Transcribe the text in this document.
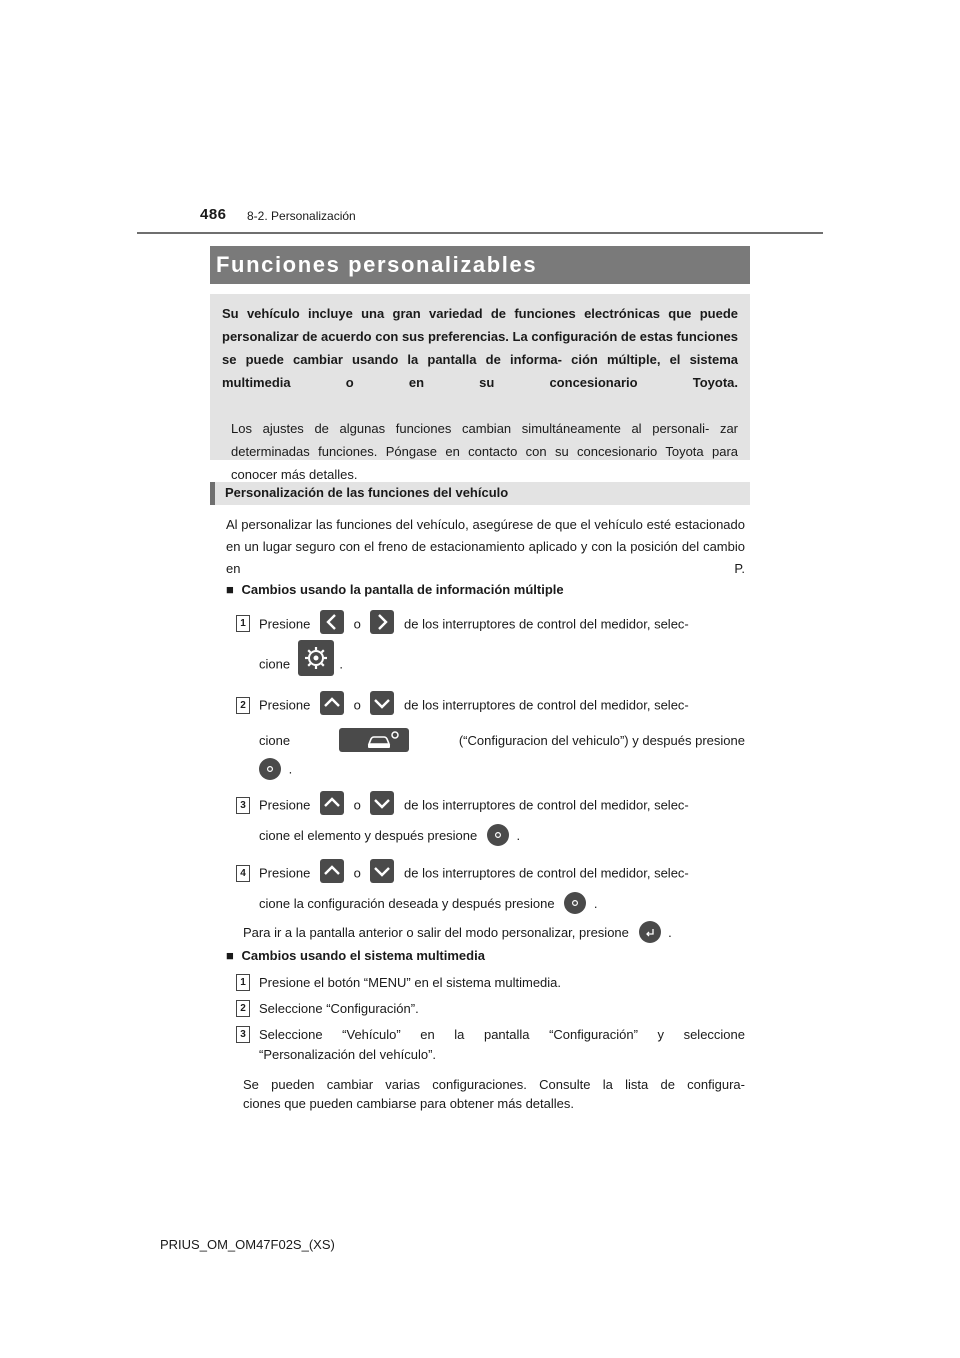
486 8-2. Personalización
Funciones personalizables
Su vehículo incluye una gran variedad de funciones electrónicas que puede personalizar de acuerdo con sus preferencias. La configuración de estas funciones se puede cambiar usando la pantalla de informa- ción múltiple, el sistema multimedia o en su concesionario Toyota.
Los ajustes de algunas funciones cambian simultáneamente al personali- zar determinadas funciones. Póngase en contacto con su concesionario Toyota para conocer más detalles.
Personalización de las funciones del vehículo
Al personalizar las funciones del vehículo, asegúrese de que el vehículo esté estacionado en un lugar seguro con el freno de estacionamiento aplicado y con la posición del cambio en P.
■ Cambios usando la pantalla de información múltiple
1	Presione	o	de los interruptores de control del medidor, selec-
cione	.
2	Presione	o	de los interruptores de control del medidor, selec-
cione	(“Configuracion del vehiculo”) y después presione
.
3	Presione	o	de los interruptores de control del medidor, selec-
cione el elemento y después presione	.
4	Presione	o	de los interruptores de control del medidor, selec-
cione la configuración deseada y después presione	.
Para ir a la pantalla anterior o salir del modo personalizar, presione	.
■ Cambios usando el sistema multimedia
1	Presione el botón “MENU” en el sistema multimedia.
2	Seleccione “Configuración”.
3	Seleccione “Vehículo” en la pantalla “Configuración” y seleccione
“Personalización del vehículo”.
Se pueden cambiar varias configuraciones. Consulte la lista de configura-
ciones que pueden cambiarse para obtener más detalles.
PRIUS_OM_OM47F02S_(XS)
